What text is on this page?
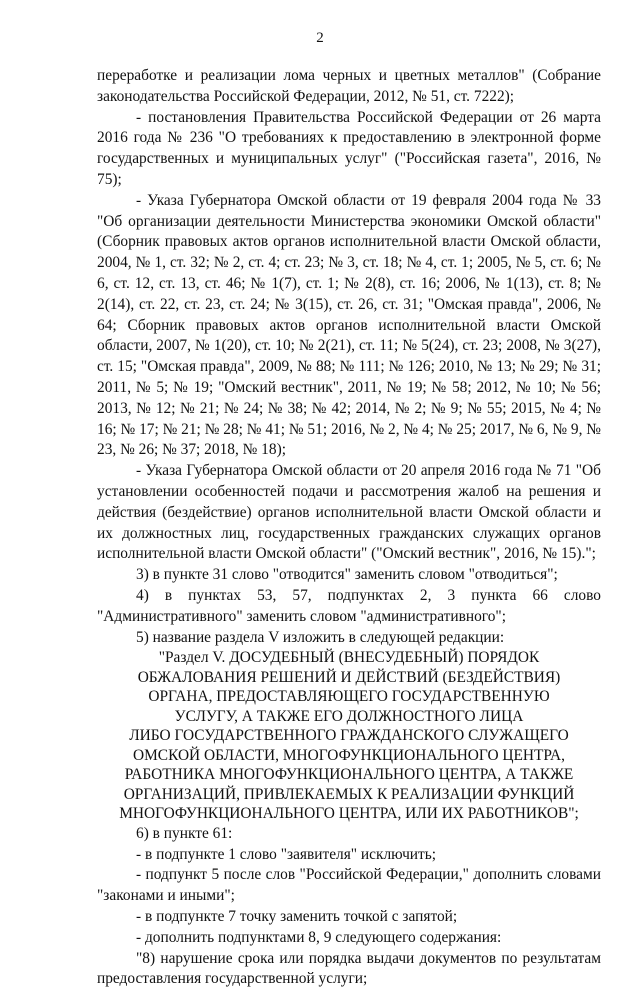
2

переработке и реализации лома черных и цветных металлов" (Собрание законодательства Российской Федерации, 2012, № 51, ст. 7222);

- постановления Правительства Российской Федерации от 26 марта 2016 года № 236 "О требованиях к предоставлению в электронной форме государственных и муниципальных услуг" ("Российская газета", 2016, № 75);

- Указа Губернатора Омской области от 19 февраля 2004 года № 33 "Об организации деятельности Министерства экономики Омской области" (Сборник правовых актов органов исполнительной власти Омской области, 2004, № 1, ст. 32; № 2, ст. 4; ст. 23; № 3, ст. 18; № 4, ст. 1; 2005, № 5, ст. 6; № 6, ст. 12, ст. 13, ст. 46; № 1(7), ст. 1; № 2(8), ст. 16; 2006, № 1(13), ст. 8; № 2(14), ст. 22, ст. 23, ст. 24; № 3(15), ст. 26, ст. 31; "Омская правда", 2006, № 64; Сборник правовых актов органов исполнительной власти Омской области, 2007, № 1(20), ст. 10; № 2(21), ст. 11; № 5(24), ст. 23; 2008, № 3(27), ст. 15; "Омская правда", 2009, № 88; № 111; № 126; 2010, № 13; № 29; № 31; 2011, № 5; № 19; "Омский вестник", 2011, № 19; № 58; 2012, № 10; № 56; 2013, № 12; № 21; № 24; № 38; № 42; 2014, № 2; № 9; № 55; 2015, № 4; № 16; № 17; № 21; № 28; № 41; № 51; 2016, № 2, № 4; № 25; 2017, № 6, № 9, № 23, № 26; № 37; 2018, № 18);

- Указа Губернатора Омской области от 20 апреля 2016 года № 71 "Об установлении особенностей подачи и рассмотрения жалоб на решения и действия (бездействие) органов исполнительной власти Омской области и их должностных лиц, государственных гражданских служащих органов исполнительной власти Омской области" ("Омский вестник", 2016, № 15).";

3) в пункте 31 слово "отводится" заменить словом "отводиться";

4) в пунктах 53, 57, подпунктах 2, 3 пункта 66 слово "Административного" заменить словом "административного";

5) название раздела V изложить в следующей редакции:

"Раздел V. ДОСУДЕБНЫЙ (ВНЕСУДЕБНЫЙ) ПОРЯДОК

ОБЖАЛОВАНИЯ РЕШЕНИЙ И ДЕЙСТВИЙ (БЕЗДЕЙСТВИЯ)

ОРГАНА, ПРЕДОСТАВЛЯЮЩЕГО ГОСУДАРСТВЕННУЮ

УСЛУГУ, А ТАКЖЕ ЕГО ДОЛЖНОСТНОГО ЛИЦА

ЛИБО ГОСУДАРСТВЕННОГО ГРАЖДАНСКОГО СЛУЖАЩЕГО

ОМСКОЙ ОБЛАСТИ, МНОГОФУНКЦИОНАЛЬНОГО ЦЕНТРА,

РАБОТНИКА МНОГОФУНКЦИОНАЛЬНОГО ЦЕНТРА, А ТАКЖЕ

ОРГАНИЗАЦИЙ, ПРИВЛЕКАЕМЫХ К РЕАЛИЗАЦИИ ФУНКЦИЙ

МНОГОФУНКЦИОНАЛЬНОГО ЦЕНТРА, ИЛИ ИХ РАБОТНИКОВ";

6) в пункте 61:

- в подпункте 1 слово "заявителя" исключить;

- подпункт 5 после слов "Российской Федерации," дополнить словами "законами и иными";

- в подпункте 7 точку заменить точкой с запятой;

- дополнить подпунктами 8, 9 следующего содержания:

"8) нарушение срока или порядка выдачи документов по результатам предоставления государственной услуги;
